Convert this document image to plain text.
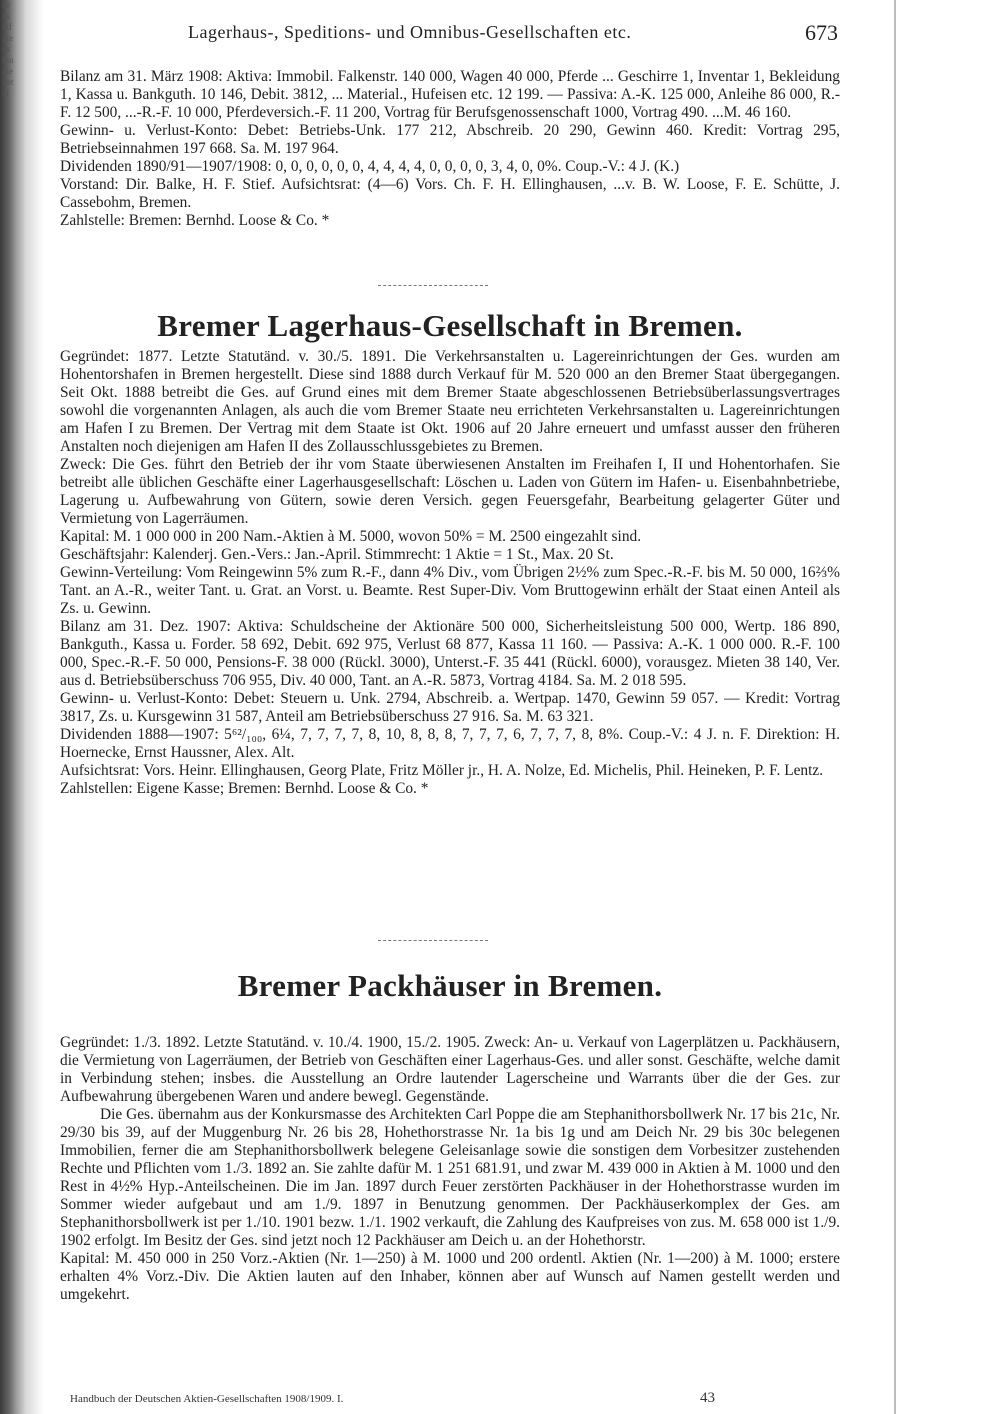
ilrnsnlfgleckhinnteltetoi
Lagerhaus-, Speditions- und Omnibus-Gesellschaften etc.	673

Bilanz am 31. März 1908: Aktiva: Immobil. Falkenstr. 140 000, Wagen 40 000, Pferde ... Geschirre 1, Inventar 1, Bekleidung 1, Kassa u. Bankguth. 10 146, Debit. 3812, ... Material., Hufeisen etc. 12 199. — Passiva: A.-K. 125 000, Anleihe 86 000, R.-F. 12 500, ...-R.-F. 10 000, Pferdeversich.-F. 11 200, Vortrag für Berufsgenossenschaft 1000, Vortrag 490. ...M. 46 160.

Gewinn- u. Verlust-Konto: Debet: Betriebs-Unk. 177 212, Abschreib. 20 290, Gewinn 460. Kredit: Vortrag 295, Betriebseinnahmen 197 668. Sa. M. 197 964.

Dividenden 1890/91—1907/1908: 0, 0, 0, 0, 0, 0, 4, 4, 4, 4, 0, 0, 0, 0, 3, 4, 0, 0%. Coup.-V.: 4 J. (K.)

Vorstand: Dir. Balke, H. F. Stief. Aufsichtsrat: (4—6) Vors. Ch. F. H. Ellinghausen, ...v. B. W. Loose, F. E. Schütte, J. Cassebohm, Bremen.

Zahlstelle: Bremen: Bernhd. Loose & Co. *

Bremer Lagerhaus-Gesellschaft in Bremen.

Gegründet: 1877. Letzte Statutänd. v. 30./5. 1891. Die Verkehrsanstalten u. Lagereinrichtungen der Ges. wurden am Hohentorshafen in Bremen hergestellt. Diese sind 1888 durch Verkauf für M. 520 000 an den Bremer Staat übergegangen. Seit Okt. 1888 betreibt die Ges. auf Grund eines mit dem Bremer Staate abgeschlossenen Betriebsüberlassungsvertrages sowohl die vorgenannten Anlagen, als auch die vom Bremer Staate neu errichteten Verkehrsanstalten u. Lagereinrichtungen am Hafen I zu Bremen. Der Vertrag mit dem Staate ist Okt. 1906 auf 20 Jahre erneuert und umfasst ausser den früheren Anstalten noch diejenigen am Hafen II des Zollausschlussgebietes zu Bremen.

Zweck: Die Ges. führt den Betrieb der ihr vom Staate überwiesenen Anstalten im Freihafen I, II und Hohentorhafen. Sie betreibt alle üblichen Geschäfte einer Lagerhausgesellschaft: Löschen u. Laden von Gütern im Hafen- u. Eisenbahnbetriebe, Lagerung u. Aufbewahrung von Gütern, sowie deren Versich. gegen Feuersgefahr, Bearbeitung gelagerter Güter und Vermietung von Lagerräumen.

Kapital: M. 1 000 000 in 200 Nam.-Aktien à M. 5000, wovon 50% = M. 2500 eingezahlt sind.

Geschäftsjahr: Kalenderj. Gen.-Vers.: Jan.-April. Stimmrecht: 1 Aktie = 1 St., Max. 20 St.

Gewinn-Verteilung: Vom Reingewinn 5% zum R.-F., dann 4% Div., vom Übrigen 2½% zum Spec.-R.-F. bis M. 50 000, 16⅔% Tant. an A.-R., weiter Tant. u. Grat. an Vorst. u. Beamte. Rest Super-Div. Vom Bruttogewinn erhält der Staat einen Anteil als Zs. u. Gewinn.

Bilanz am 31. Dez. 1907: Aktiva: Schuldscheine der Aktionäre 500 000, Sicherheitsleistung 500 000, Wertp. 186 890, Bankguth., Kassa u. Forder. 58 692, Debit. 692 975, Verlust 68 877, Kassa 11 160. — Passiva: A.-K. 1 000 000. R.-F. 100 000, Spec.-R.-F. 50 000, Pensions-F. 38 000 (Rückl. 3000), Unterst.-F. 35 441 (Rückl. 6000), vorausgez. Mieten 38 140, Ver. aus d. Betriebsüberschuss 706 955, Div. 40 000, Tant. an A.-R. 5873, Vortrag 4184. Sa. M. 2 018 595.

Gewinn- u. Verlust-Konto: Debet: Steuern u. Unk. 2794, Abschreib. a. Wertpap. 1470, Gewinn 59 057. — Kredit: Vortrag 3817, Zs. u. Kursgewinn 31 587, Anteil am Betriebsüberschuss 27 916. Sa. M. 63 321.

Dividenden 1888—1907: 5⁶²/₁₀₀, 6¼, 7, 7, 7, 7, 8, 10, 8, 8, 8, 7, 7, 7, 6, 7, 7, 7, 8, 8%. Coup.-V.: 4 J. n. F. Direktion: H. Hoernecke, Ernst Haussner, Alex. Alt.

Aufsichtsrat: Vors. Heinr. Ellinghausen, Georg Plate, Fritz Möller jr., H. A. Nolze, Ed. Michelis, Phil. Heineken, P. F. Lentz.

Zahlstellen: Eigene Kasse; Bremen: Bernhd. Loose & Co. *

Bremer Packhäuser in Bremen.

Gegründet: 1./3. 1892. Letzte Statutänd. v. 10./4. 1900, 15./2. 1905. Zweck: An- u. Verkauf von Lagerplätzen u. Packhäusern, die Vermietung von Lagerräumen, der Betrieb von Geschäften einer Lagerhaus-Ges. und aller sonst. Geschäfte, welche damit in Verbindung stehen; insbes. die Ausstellung an Ordre lautender Lagerscheine und Warrants über die der Ges. zur Aufbewahrung übergebenen Waren und andere bewegl. Gegenstände.

Die Ges. übernahm aus der Konkursmasse des Architekten Carl Poppe die am Stephanithorsbollwerk Nr. 17 bis 21c, Nr. 29/30 bis 39, auf der Muggenburg Nr. 26 bis 28, Hohethorstrasse Nr. 1a bis 1g und am Deich Nr. 29 bis 30c belegenen Immobilien, ferner die am Stephanithorsbollwerk belegene Geleisanlage sowie die sonstigen dem Vorbesitzer zustehenden Rechte und Pflichten vom 1./3. 1892 an. Sie zahlte dafür M. 1 251 681.91, und zwar M. 439 000 in Aktien à M. 1000 und den Rest in 4½% Hyp.-Anteilscheinen. Die im Jan. 1897 durch Feuer zerstörten Packhäuser in der Hohethorstrasse wurden im Sommer wieder aufgebaut und am 1./9. 1897 in Benutzung genommen. Der Packhäuserkomplex der Ges. am Stephanithorsbollwerk ist per 1./10. 1901 bezw. 1./1. 1902 verkauft, die Zahlung des Kaufpreises von zus. M. 658 000 ist 1./9. 1902 erfolgt. Im Besitz der Ges. sind jetzt noch 12 Packhäuser am Deich u. an der Hohethorstr.

Kapital: M. 450 000 in 250 Vorz.-Aktien (Nr. 1—250) à M. 1000 und 200 ordentl. Aktien (Nr. 1—200) à M. 1000; erstere erhalten 4% Vorz.-Div. Die Aktien lauten auf den Inhaber, können aber auf Wunsch auf Namen gestellt werden und umgekehrt.

Handbuch der Deutschen Aktien-Gesellschaften 1908/1909. I.	43
